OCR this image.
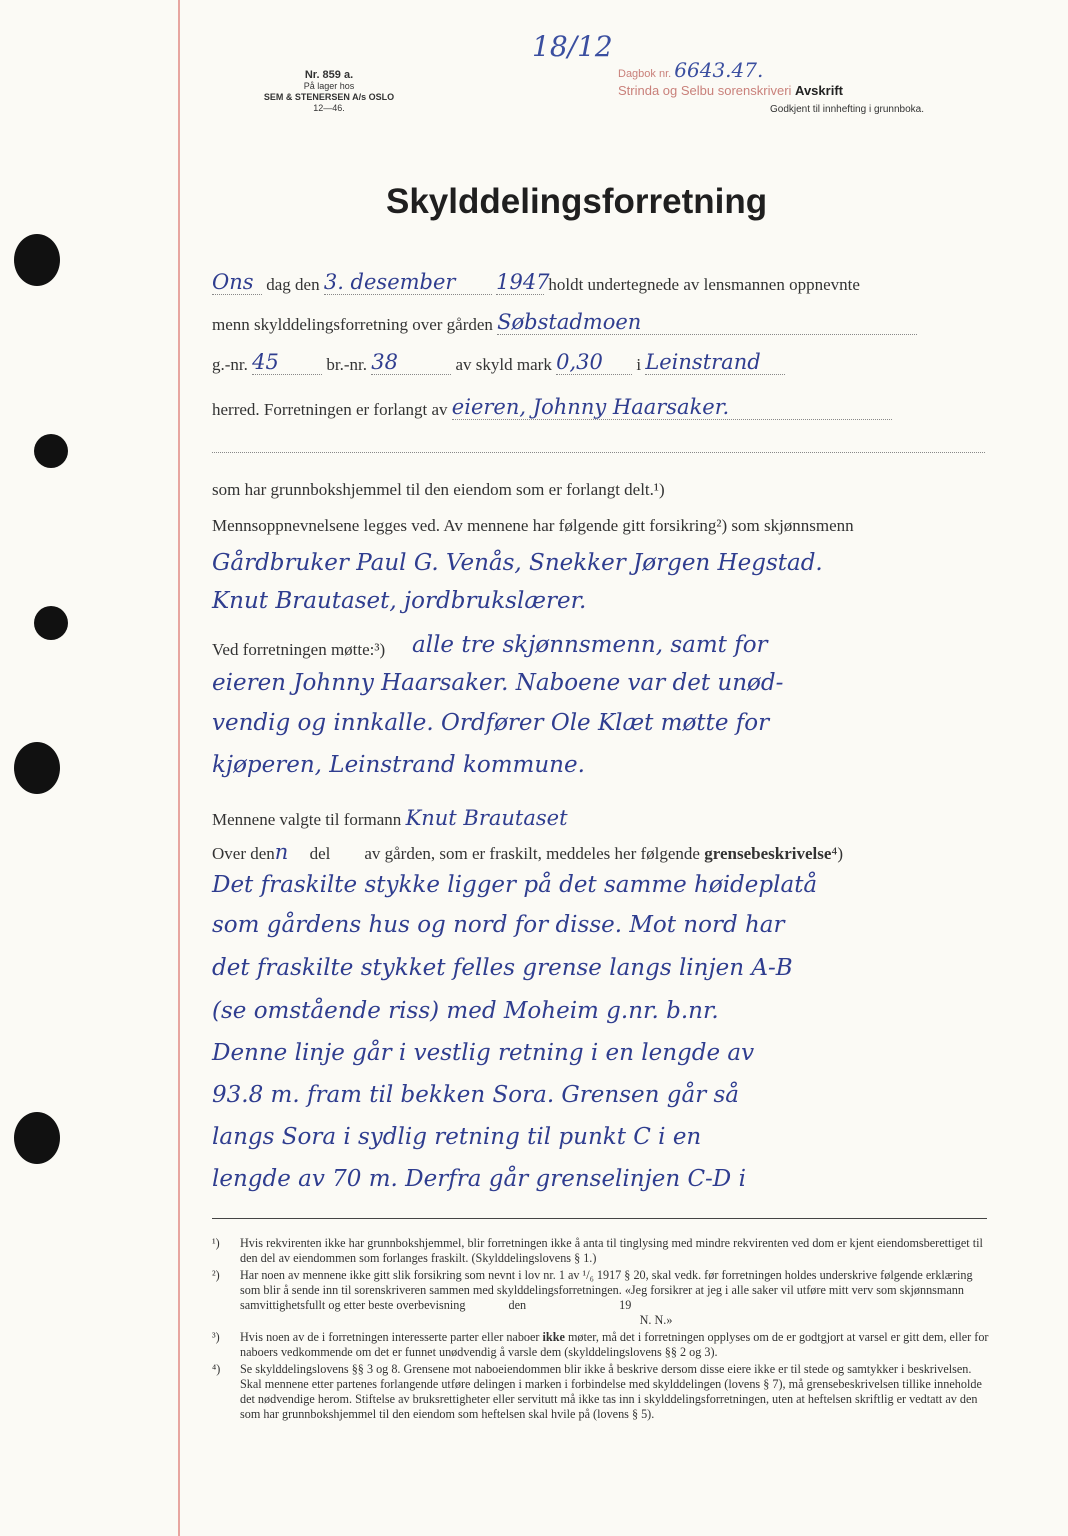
Nr. 859 a.
På lager hos
SEM & STENERSEN A/s OSLO
12—46.
18/12
Dagbok nr. 6643.47.
Strinda og Selbu sorenskriveri Avskrift
Godkjent til innhefting i grunnboka.
Skylddelingsforretning
Ons dag den 3. desember 1947 holdt undertegnede av lensmannen oppnevnte
menn skylddelingsforretning over gården Søbstadmoen
g.-nr. 45	br.-nr. 38	av skyld mark 0,30 i Leinstrand
herred. Forretningen er forlangt av eieren, Johnny Haarsaker.
som har grunnbokshjemmel til den eiendom som er forlangt delt.¹)
Mennsoppnevnelsene legges ved. Av mennene har følgende gitt forsikring²) som skjønnsmenn
Gårdbruker Paul G. Venås, Snekker Jørgen Hegstad.
Knut Brautaset, jordbrukslærer.
Ved forretningen møtte:³)	alle tre skjønnsmenn, samt for
eieren Johnny Haarsaker. Naboene var det unød-
vendig og innkalle. Ordfører Ole Klæt møtte for
kjøperen, Leinstrand kommune.
Mennene valgte til formann Knut Brautaset
Over denn del av gården, som er fraskilt, meddeles her følgende grensebeskrivelse⁴)
Det fraskilte stykke ligger på det samme høideplatå
som gårdens hus og nord for disse. Mot nord har
det fraskilte stykket felles grense langs linjen A-B
(se omstående riss) med Moheim g.nr. b.nr.
Denne linje går i vestlig retning i en lengde av
93.8 m. fram til bekken Sora. Grensen går så
langs Sora i sydlig retning til punkt C i en
lengde av 70 m. Derfra går grenselinjen C-D i
¹) Hvis rekvirenten ikke har grunnbokshjemmel, blir forretningen ikke å anta til tinglysing med mindre rekvirenten ved dom er kjent eiendomsberettiget til den del av eiendommen som forlanges fraskilt. (Skylddelingslovens § 1.)
²) Har noen av mennene ikke gitt slik forsikring som nevnt i lov nr. 1 av ¹/₆ 1917 § 20, skal vedk. før forretningen holdes underskrive følgende erklæring som blir å sende inn til sorenskriveren sammen med skylddelingsforretningen. «Jeg forsikrer at jeg i alle saker vil utføre mitt verv som skjønnsmann samvittighetsfullt og etter beste overbevisning	den	19
N. N.»
³) Hvis noen av de i forretningen interesserte parter eller naboer ikke møter, må det i forretningen opplyses om de er godtgjort at varsel er gitt dem, eller for naboers vedkommende om det er funnet unødvendig å varsle dem (skylddelingslovens §§ 2 og 3).
⁴) Se skylddelingslovens §§ 3 og 8. Grensene mot naboeiendommen blir ikke å beskrive dersom disse eiere ikke er til stede og samtykker i beskrivelsen. Skal mennene etter partenes forlangende utføre delingen i marken i forbindelse med skylddelingen (lovens § 7), må grensebeskrivelsen tillike inneholde det nødvendige herom. Stiftelse av bruksrettigheter eller servitutt må ikke tas inn i skylddelingsforretningen, uten at heftelsen skriftlig er vedtatt av den som har grunnbokshjemmel til den eiendom som heftelsen skal hvile på (lovens § 5).
